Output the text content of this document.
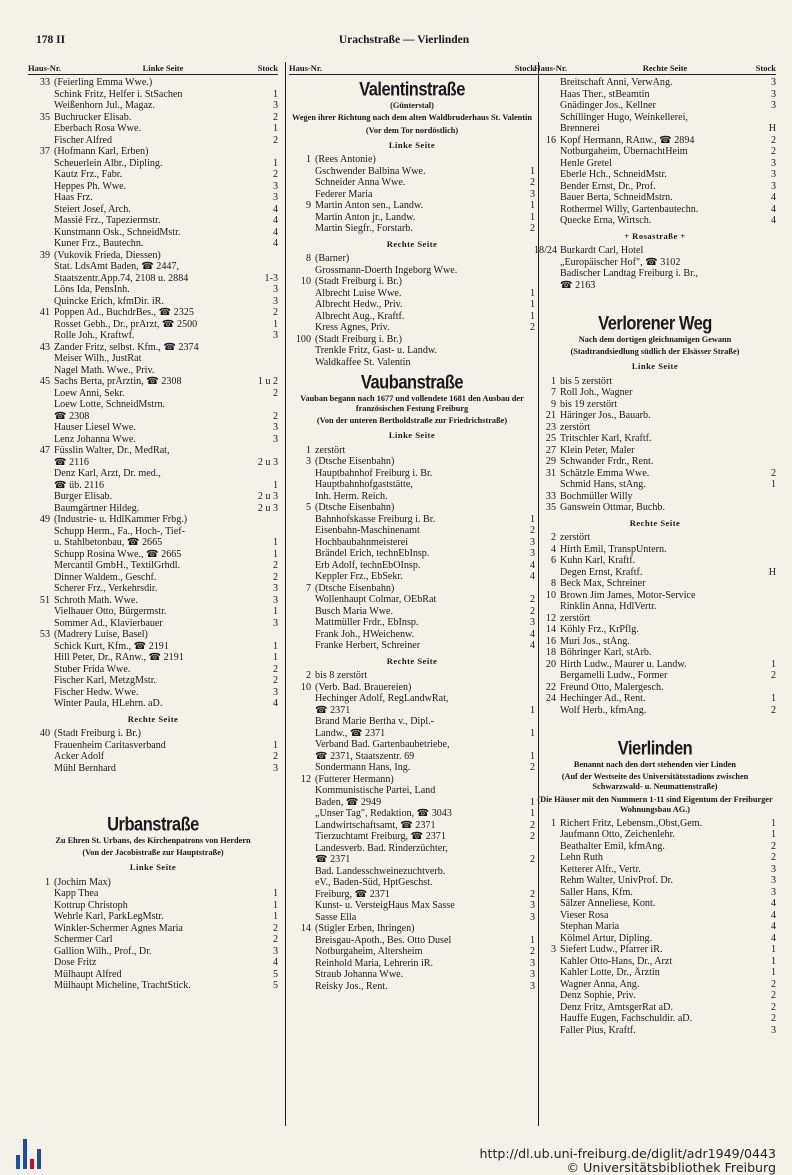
178 II	Urachstraße — Vierlinden
Haus-Nr.	Linke Seite	Stock
33 (Feierling Emma Wwe.)
Schink Fritz, Helfer i. StSachen	1
Weißenhorn Jul., Magaz.	3
35 Buchrucker Elisab.	2
Eberbach Rosa Wwe.	1
Fischer Alfred	2
37 (Hofmann Karl, Erben)
Scheuerlein Albr., Dipling.	1
Kautz Frz., Fabr.	2
Heppes Ph. Wwe.	3
Haas Frz.	3
Steiert Josef, Arch.	4
Massié Frz., Tapeziermstr.	4
Kunstmann Osk., SchneidMstr.	4
Kuner Frz., Bautechn.	4
39 (Vukovik Frieda, Diessen)
Stat. LdsAmt Baden, ☎ 2447,
Staatszentr.App.74, 2108 u. 2884	1-3
Löns Ida, PensInh.	3
Quincke Erich, kfmDir. iR.	3
41 Poppen Ad., BuchdrBes., ☎ 2325	2
Rosset Gebh., Dr., prArzt, ☎ 2500	1
Rolle Joh., Kraftwf.	3
43 Zander Fritz, selbst. Kfm., ☎ 2374
Meiser Wilh., JustRat
Nagel Math. Wwe., Priv.
45 Sachs Berta, prÄrztin, ☎ 2308	1 u 2
Loew Anni, Sekr.	2
Loew Lotte, SchneidMstrn.
☎ 2308	2
Hauser Liesel Wwe.	3
Lenz Johanna Wwe.	3
47 Füsslin Walter, Dr., MedRat,
☎ 2116	2 u 3
Denz Karl, Arzt, Dr. med.,
☎ üb. 2116	1
Burger Elisab.	2 u 3
Baumgärtner Hildeg.	2 u 3
49 (Industrie- u. HdlKammer Frbg.)
Schupp Herm., Fa., Hoch-, Tief-
u. Stahlbetonbau, ☎ 2665	1
Schupp Rosina Wwe., ☎ 2665	1
Mercantil GmbH., TextilGrhdl.	2
Dinner Waldem., Geschf.	2
Scherer Frz., Verkehrsdir.	3
51 Schroth Math. Wwe.	3
Vielhauer Otto, Bürgermstr.	1
Sommer Ad., Klavierbauer	3
53 (Madrery Luise, Basel)
Schick Kurt, Kfm., ☎ 2191	1
Hill Peter, Dr., RAnw., ☎ 2191	1
Stuber Frida Wwe.	2
Fischer Karl, MetzgMstr.	2
Fischer Hedw. Wwe.	3
Winter Paula, HLehrn. aD.	4
Rechte Seite
40 (Stadt Freiburg i. Br.)
Frauenheim Caritasverband	1
Acker Adolf	2
Mühl Bernhard	3
Urbanstraße
Zu Ehren St. Urbans, des Kirchenpatrons von Herdern
(Von der Jacobistraße zur Hauptstraße)
Linke Seite
1 (Jochim Max)
Kapp Thea	1
Kottrup Christoph	1
Wehrle Karl, ParkLegMstr.	1
Winkler-Schermer Agnes Maria	2
Schermer Carl	2
Gallion Wilh., Prof., Dr.	3
Dose Fritz	4
Mülhaupt Alfred	5
Mülhaupt Micheline, TrachtStick.	5
Haus-Nr.	Stock
Valentinstraße
(Günterstal)
Wegen ihrer Richtung nach dem alten Waldbruderhaus St. Valentin
(Vor dem Tor nordöstlich)
Linke Seite
1 (Rees Antonie)
Gschwender Balbina Wwe.	1
Schneider Anna Wwe.	2
Federer Maria	3
9 Martin Anton sen., Landw.	1
Martin Anton jr., Landw.	1
Martin Siegfr., Forstarb.	2
Rechte Seite
8 (Barner)
Grossmann-Doerth Ingeborg Wwe.
10 (Stadt Freiburg i. Br.)
Albrecht Luise Wwe.	1
Albrecht Hedw., Priv.	1
Albrecht Aug., Kraftf.	1
Kress Agnes, Priv.	2
100 (Stadt Freiburg i. Br.)
Trenkle Fritz, Gast- u. Landw.
Waldkaffee St. Valentin
Vaubanstraße
Vauban begann nach 1677 und vollendete 1681 den Ausbau der französischen Festung Freiburg
(Von der unteren Bertholdstraße zur Friedrichstraße)
Linke Seite
1 zerstört
3 (Dtsche Eisenbahn)
Hauptbahnhof Freiburg i. Br.
Hauptbahnhofgaststätte,
Inh. Herm. Reich.
5 (Dtsche Eisenbahn)
Bahnhofskasse Freiburg i. Br.	1
Eisenbahn-Maschinenamt	2
Hochbaubahnmeisterei	3
Brändel Erich, technEbInsp.	3
Erb Adolf, technEbOInsp.	4
Keppler Frz., EbSekr.	4
7 (Dtsche Eisenbahn)
Wollenhaupt Colmar, OEbRat	2
Busch Maria Wwe.	2
Mattmüller Frdr., EbInsp.	3
Frank Joh., HWeichenw.	4
Franke Herbert, Schreiner	4
Rechte Seite
2 bis 8 zerstört
10 (Verb. Bad. Brauereien)
Hechinger Adolf, RegLandwRat,
☎ 2371	1
Brand Marie Bertha v., Dipl.-
Landw., ☎ 2371	1
Verband Bad. Gartenbaubetriebe,
☎ 2371, Staatszentr. 69	1
Sondermann Hans, Ing.	2
12 (Futterer Hermann)
Kommunistische Partei, Land
Baden, ☎ 2949	1
„Unser Tag", Redaktion, ☎ 3043	1
Landwirtschaftsamt, ☎ 2371	2
Tierzuchtamt Freiburg, ☎ 2371	2
Landesverb. Bad. Rinderzüchter,
☎ 2371	2
Bad. Landesschweinezuchtverb.
eV., Baden-Süd, HptGeschst.
Freiburg, ☎ 2371	2
Kunst- u. VersteigHaus Max Sasse	3
Sasse Ella	3
14 (Stigler Erben, Ihringen)
Breisgau-Apoth., Bes. Otto Dusel	1
Notburgaheim, Altersheim	2
Reinhold Maria, Lehrerin iR.	3
Straub Johanna Wwe.	3
Reisky Jos., Rent.	3
Haus-Nr.	Rechte Seite	Stock
Breitschaft Anni, VerwAng.	3
Haas Ther., stBeamtin	3
Gnädinger Jos., Kellner	3
Schillinger Hugo, Weinkellerei,
Brennerei	H
16 Kopf Hermann, RAnw., ☎ 2894	2
Notburgaheim, ÜbernachtHeim	2
Henle Gretel	3
Eberle Hch., SchneidMstr.	3
Bender Ernst, Dr., Prof.	3
Bauer Berta, SchneidMstrn.	4
Rothermel Willy, Gartenbautechn.	4
Quecke Erna, Wirtsch.	4
+ Rosastraße +
18/24 Burkardt Carl, Hotel
„Europäischer Hof", ☎ 3102
Badischer Landtag Freiburg i. Br.,
☎ 2163
Verlorener Weg
Nach dem dortigen gleichnamigen Gewann
(Stadtrandsiedlung südlich der Elsässer Straße)
Linke Seite
1 bis 5 zerstört
7 Roll Joh., Wagner
9 bis 19 zerstört
21 Häringer Jos., Bauarb.
23 zerstört
25 Tritschler Karl, Kraftf.
27 Klein Peter, Maler
29 Schwander Frdr., Rent.
31 Schätzle Emma Wwe.	2
Schmid Hans, stAng.	1
33 Bochmüller Willy
35 Ganswein Ottmar, Buchb.
Rechte Seite
2 zerstört
4 Hirth Emil, TranspUntern.
6 Kuhn Karl, Kraftf.
Degen Ernst, Kraftf.	H
8 Beck Max, Schreiner
10 Brown Jim James, Motor-Service
Rinklin Anna, HdlVertr.
12 zerstört
14 Köhly Frz., KrPflg.
16 Muri Jos., stAng.
18 Böhringer Karl, stArb.
20 Hirth Ludw., Maurer u. Landw.	1
Bergamelli Ludw., Former	2
22 Freund Otto, Malergesch.
24 Hechinger Ad., Rent.	1
Wolf Herb., kfmAng.	2
Vierlinden
Benannt nach den dort stehenden vier Linden
(Auf der Westseite des Universitätsstadions zwischen Schwarzwald- u. Neumattenstraße)
(Die Häuser mit den Nummern 1-11 sind Eigentum der Freiburger Wohnungsbau AG.)
1 Richert Fritz, Lebensm.,Obst,Gem.	1
Jaufmann Otto, Zeichenlehr.	1
Beathalter Emil, kfmAng.	2
Lehn Ruth	2
Ketterer Alfr., Vertr.	3
Rehm Walter, UnivProf. Dr.	3
Saller Hans, Kfm.	3
Sälzer Anneliese, Kont.	4
Vieser Rosa	4
Stephan Maria	4
Kölmel Artur, Dipling.	4
3 Siefert Ludw., Pfarrer iR.	1
Kahler Otto-Hans, Dr., Arzt	1
Kahler Lotte, Dr., Ärztin	1
Wagner Anna, Ang.	2
Denz Sophie, Priv.	2
Denz Fritz, AmtsgerRat aD.	2
Hauffe Eugen, Fachschuldir. aD.	2
Faller Pius, Kraftf.	3
http://dl.ub.uni-freiburg.de/diglit/adr1949/0443
© Universitätsbibliothek Freiburg
